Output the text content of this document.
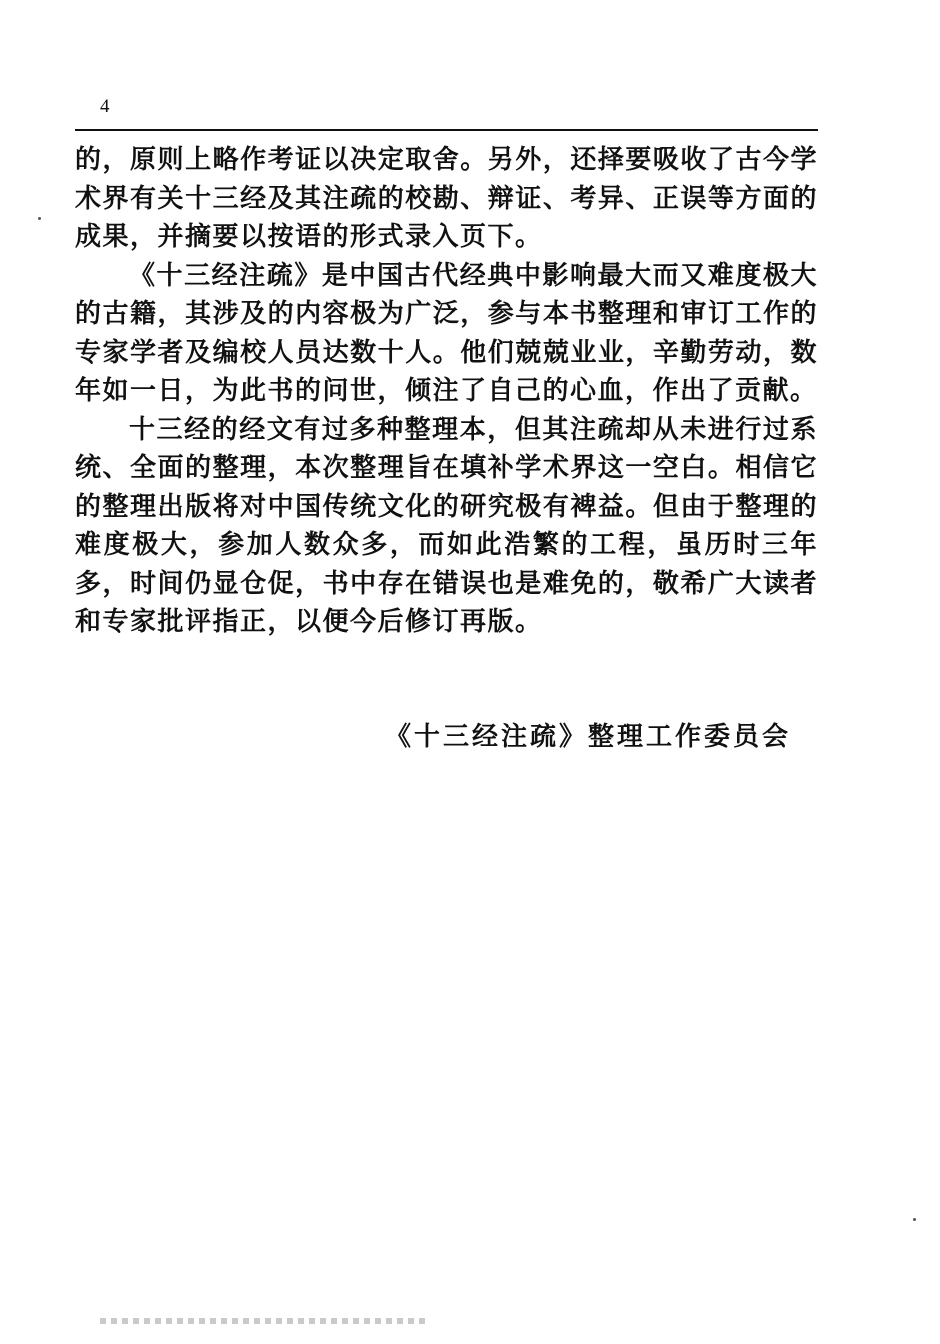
4

的，原则上略作考证以决定取舍。另外，还择要吸收了古今学术界有关十三经及其注疏的校勘、辩证、考异、正误等方面的成果，并摘要以按语的形式录入页下。

《十三经注疏》是中国古代经典中影响最大而又难度极大的古籍，其涉及的内容极为广泛，参与本书整理和审订工作的专家学者及编校人员达数十人。他们兢兢业业，辛勤劳动，数年如一日，为此书的问世，倾注了自己的心血，作出了贡献。

十三经的经文有过多种整理本，但其注疏却从未进行过系统、全面的整理，本次整理旨在填补学术界这一空白。相信它的整理出版将对中国传统文化的研究极有裨益。但由于整理的难度极大，参加人数众多，而如此浩繁的工程，虽历时三年多，时间仍显仓促，书中存在错误也是难免的，敬希广大读者和专家批评指正，以便今后修订再版。

《十三经注疏》整理工作委员会
